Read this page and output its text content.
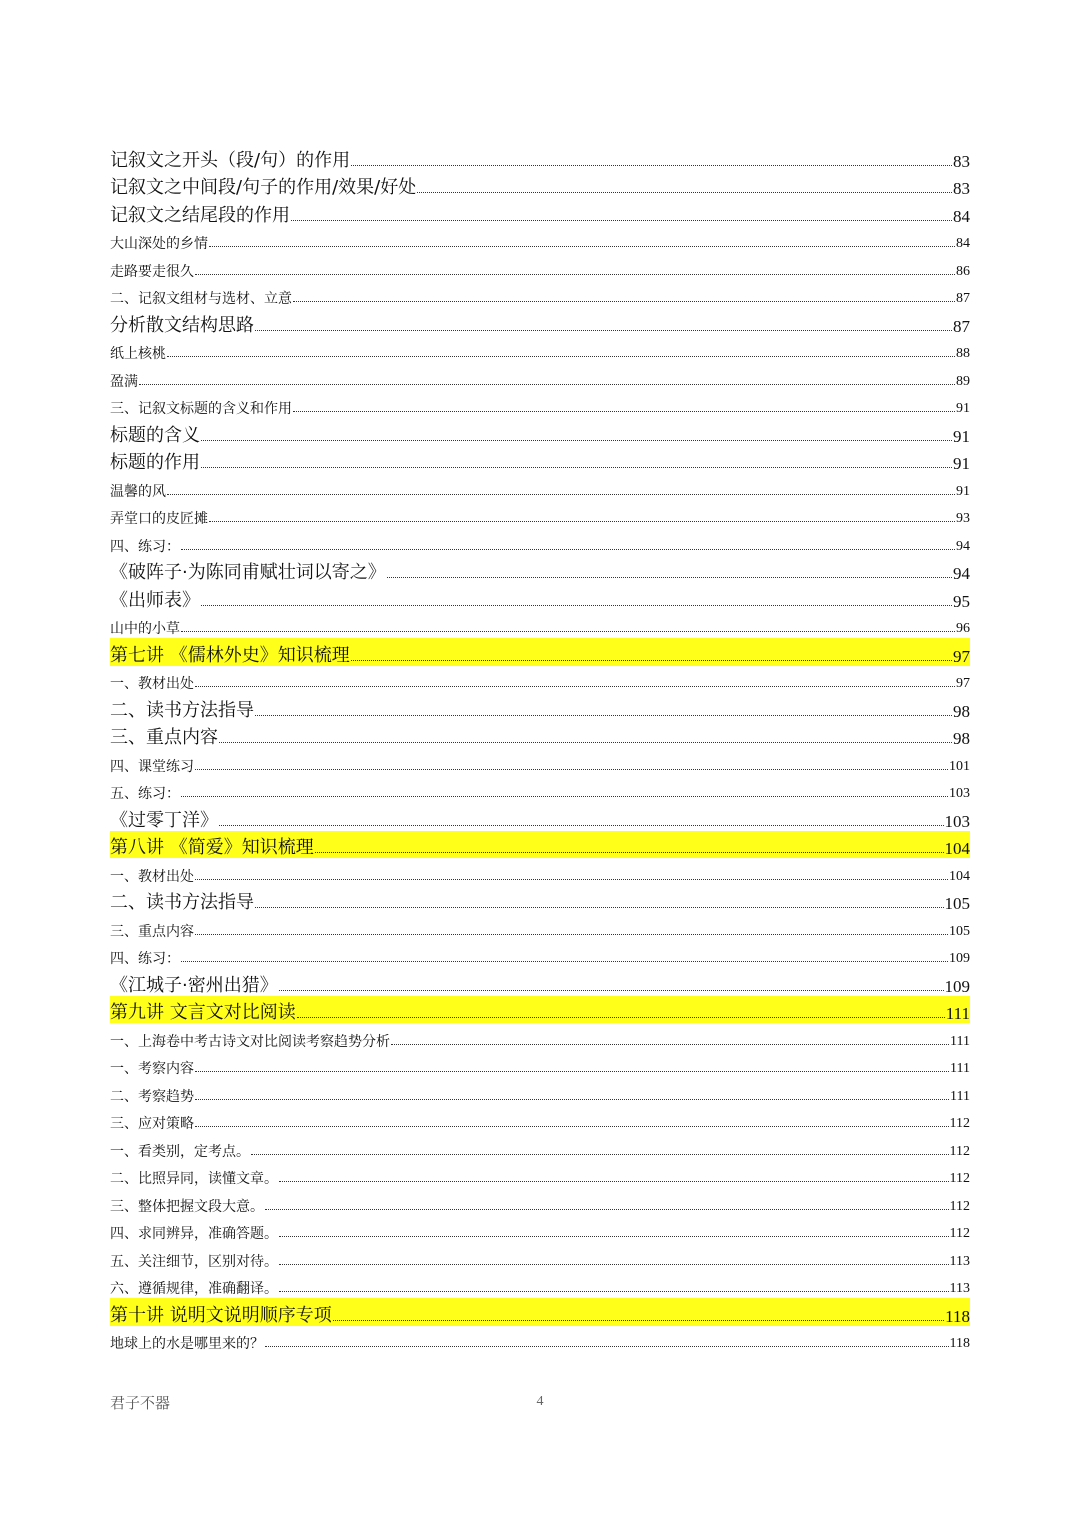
记叙文之开头（段/句）的作用	83
记叙文之中间段/句子的作用/效果/好处	83
记叙文之结尾段的作用	84
大山深处的乡情	84
走路要走很久	86
二、记叙文组材与选材、立意	87
分析散文结构思路	87
纸上核桃	88
盈满	89
三、记叙文标题的含义和作用	91
标题的含义	91
标题的作用	91
温馨的风	91
弄堂口的皮匠摊	93
四、练习：	94
《破阵子·为陈同甫赋壮词以寄之》	94
《出师表》	95
山中的小草	96
第七讲 《儒林外史》知识梳理	97
一、教材出处	97
二、读书方法指导	98
三、重点内容	98
四、课堂练习	101
五、练习：	103
《过零丁洋》	103
第八讲 《简爱》知识梳理	104
一、教材出处	104
二、读书方法指导	105
三、重点内容	105
四、练习：	109
《江城子·密州出猎》	109
第九讲 文言文对比阅读	111
一、上海卷中考古诗文对比阅读考察趋势分析	111
一、考察内容	111
二、考察趋势	111
三、应对策略	112
一、看类别，定考点。	112
二、比照异同，读懂文章。	112
三、整体把握文段大意。	112
四、求同辨异，准确答题。	112
五、关注细节，区别对待。	113
六、遵循规律，准确翻译。	113
第十讲 说明文说明顺序专项	118
地球上的水是哪里来的？	118
君子不器	4
